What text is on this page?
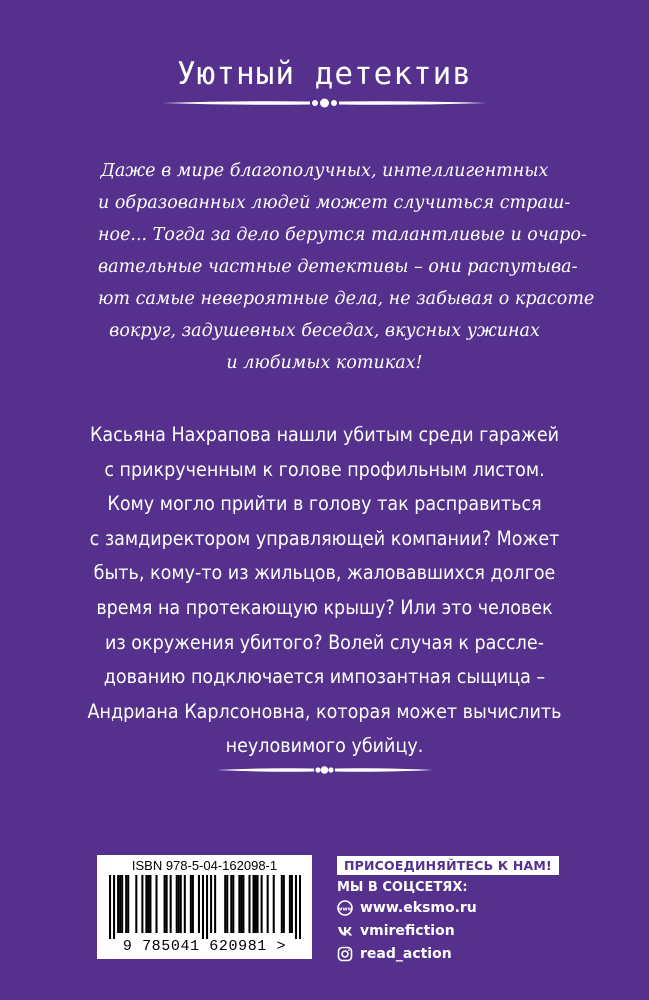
Уютный детектив
Даже в мире благополучных, интеллигентных
и образованных людей может случиться страш-
ное... Тогда за дело берутся талантливые и очаро-
вательные частные детективы – они распутыва-
ют самые невероятные дела, не забывая о красоте
вокруг, задушевных беседах, вкусных ужинах
и любимых котиках!
Касьяна Нахрапова нашли убитым среди гаражей
с прикрученным к голове профильным листом.
Кому могло прийти в голову так расправиться
с замдиректором управляющей компании? Может
быть, кому-то из жильцов, жаловавшихся долгое
время на протекающую крышу? Или это человек
из окружения убитого? Волей случая к рассле-
дованию подключается импозантная сыщица –
Андриана Карлсоновна, которая может вычислить
неуловимого убийцу.
ISBN 978-5-04-162098-1
9 785041 620981 >
ПРИСОЕДИНЯЙТЕСЬ К НАМ!
МЫ В СОЦСЕТЯХ:
www www.eksmo.ru
vmirefiction
read_action
